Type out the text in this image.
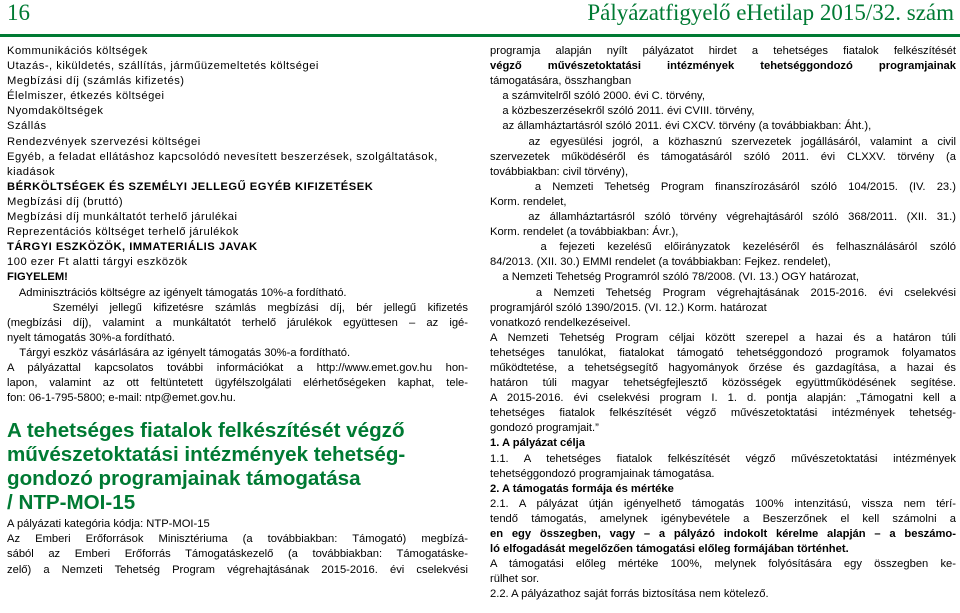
16	Pályázatfigyelő eHetilap 2015/32. szám
Kommunikációs költségek
Utazás-, kiküldetés, szállítás, járműüzemeltetés költségei
Megbízási díj (számlás kifizetés)
Élelmiszer, étkezés költségei
Nyomdaköltségek
Szállás
Rendezvények szervezési költségei
Egyéb, a feladat ellátáshoz kapcsolódó nevesített beszerzések, szolgáltatások,
kiadások
BÉRKÖLTSÉGEK ÉS SZEMÉLYI JELLEGŰ EGYÉB KIFIZETÉSEK
Megbízási díj (bruttó)
Megbízási díj munkáltatót terhelő járulékai
Reprezentációs költséget terhelő járulékok
TÁRGYI ESZKÖZÖK, IMMATERIÁLIS JAVAK
100 ezer Ft alatti tárgyi eszközök
FIGYELEM!
Adminisztrációs költségre az igényelt támogatás 10%-a fordítható.
Személyi jellegű kifizetésre számlás megbízási díj, bér jellegű kifizetés
(megbízási díj), valamint a munkáltatót terhelő járulékok együttesen – az igé-
nyelt támogatás 30%-a fordítható.
Tárgyi eszköz vásárlására az igényelt támogatás 30%-a fordítható.
A pályázattal kapcsolatos további információkat a http://www.emet.gov.hu hon-
lapon, valamint az ott feltüntetett ügyfélszolgálati elérhetőségeken kaphat, tele-
fon: 06-1-795-5800; e-mail: ntp@emet.gov.hu.
A tehetséges fiatalok felkészítését végző
művészetoktatási intézmények tehetség-
gondozó programjainak támogatása
/ NTP-MOI-15
A pályázati kategória kódja: NTP-MOI-15
Az Emberi Erőforrások Minisztériuma (a továbbiakban: Támogató) megbízá-
sából az Emberi Erőforrás Támogatáskezelő (a továbbiakban: Támogatáske-
zelő) a Nemzeti Tehetség Program végrehajtásának 2015-2016. évi cselekvési
programja alapján nyílt pályázatot hirdet a tehetséges fiatalok felkészítését
végző művészetoktatási intézmények tehetséggondozó programjainak
támogatására, összhangban
a számvitelről szóló 2000. évi C. törvény,
a közbeszerzésekről szóló 2011. évi CVIII. törvény,
az államháztartásról szóló 2011. évi CXCV. törvény (a továbbiakban: Áht.),
az egyesülési jogról, a közhasznú szervezetek jogállásáról, valamint a civil
szervezetek működéséről és támogatásáról szóló 2011. évi CLXXV. törvény (a
továbbiakban: civil törvény),
a Nemzeti Tehetség Program finanszírozásáról szóló 104/2015. (IV. 23.)
Korm. rendelet,
az államháztartásról szóló törvény végrehajtásáról szóló 368/2011. (XII. 31.)
Korm. rendelet (a továbbiakban: Ávr.),
a fejezeti kezelésű előirányzatok kezeléséről és felhasználásáról szóló
84/2013. (XII. 30.) EMMI rendelet (a továbbiakban: Fejkez. rendelet),
a Nemzeti Tehetség Programról szóló 78/2008. (VI. 13.) OGY határozat,
a Nemzeti Tehetség Program végrehajtásának 2015-2016. évi cselekvési
programjáról szóló 1390/2015. (VI. 12.) Korm. határozat
vonatkozó rendelkezéseivel.
A Nemzeti Tehetség Program céljai között szerepel a hazai és a határon túli
tehetséges tanulókat, fiatalokat támogató tehetséggondozó programok folyamatos
működtetése, a tehetségsegítő hagyományok őrzése és gazdagítása, a hazai és
határon túli magyar tehetségfejlesztő közösségek együttműködésének segítése.
A 2015-2016. évi cselekvési program I. 1. d. pontja alapján: „Támogatni kell a
tehetséges fiatalok felkészítését végző művészetoktatási intézmények tehetség-
gondozó programjait.”
1. A pályázat célja
1.1. A tehetséges fiatalok felkészítését végző művészetoktatási intézmények
tehetséggondozó programjainak támogatása.
2. A támogatás formája és mértéke
2.1. A pályázat útján igényelhető támogatás 100% intenzitású, vissza nem térí-
tendő támogatás, amelynek igénybevétele a Beszerzőnek el kell számolni a
en egy összegben, vagy – a pályázó indokolt kérelme alapján – a beszámo-
ló elfogadását megelőzően támogatási előleg formájában történhet.
A támogatási előleg mértéke 100%, melynek folyósítására egy összegben ke-
rülhet sor.
2.2. A pályázathoz saját forrás biztosítása nem kötelező.
